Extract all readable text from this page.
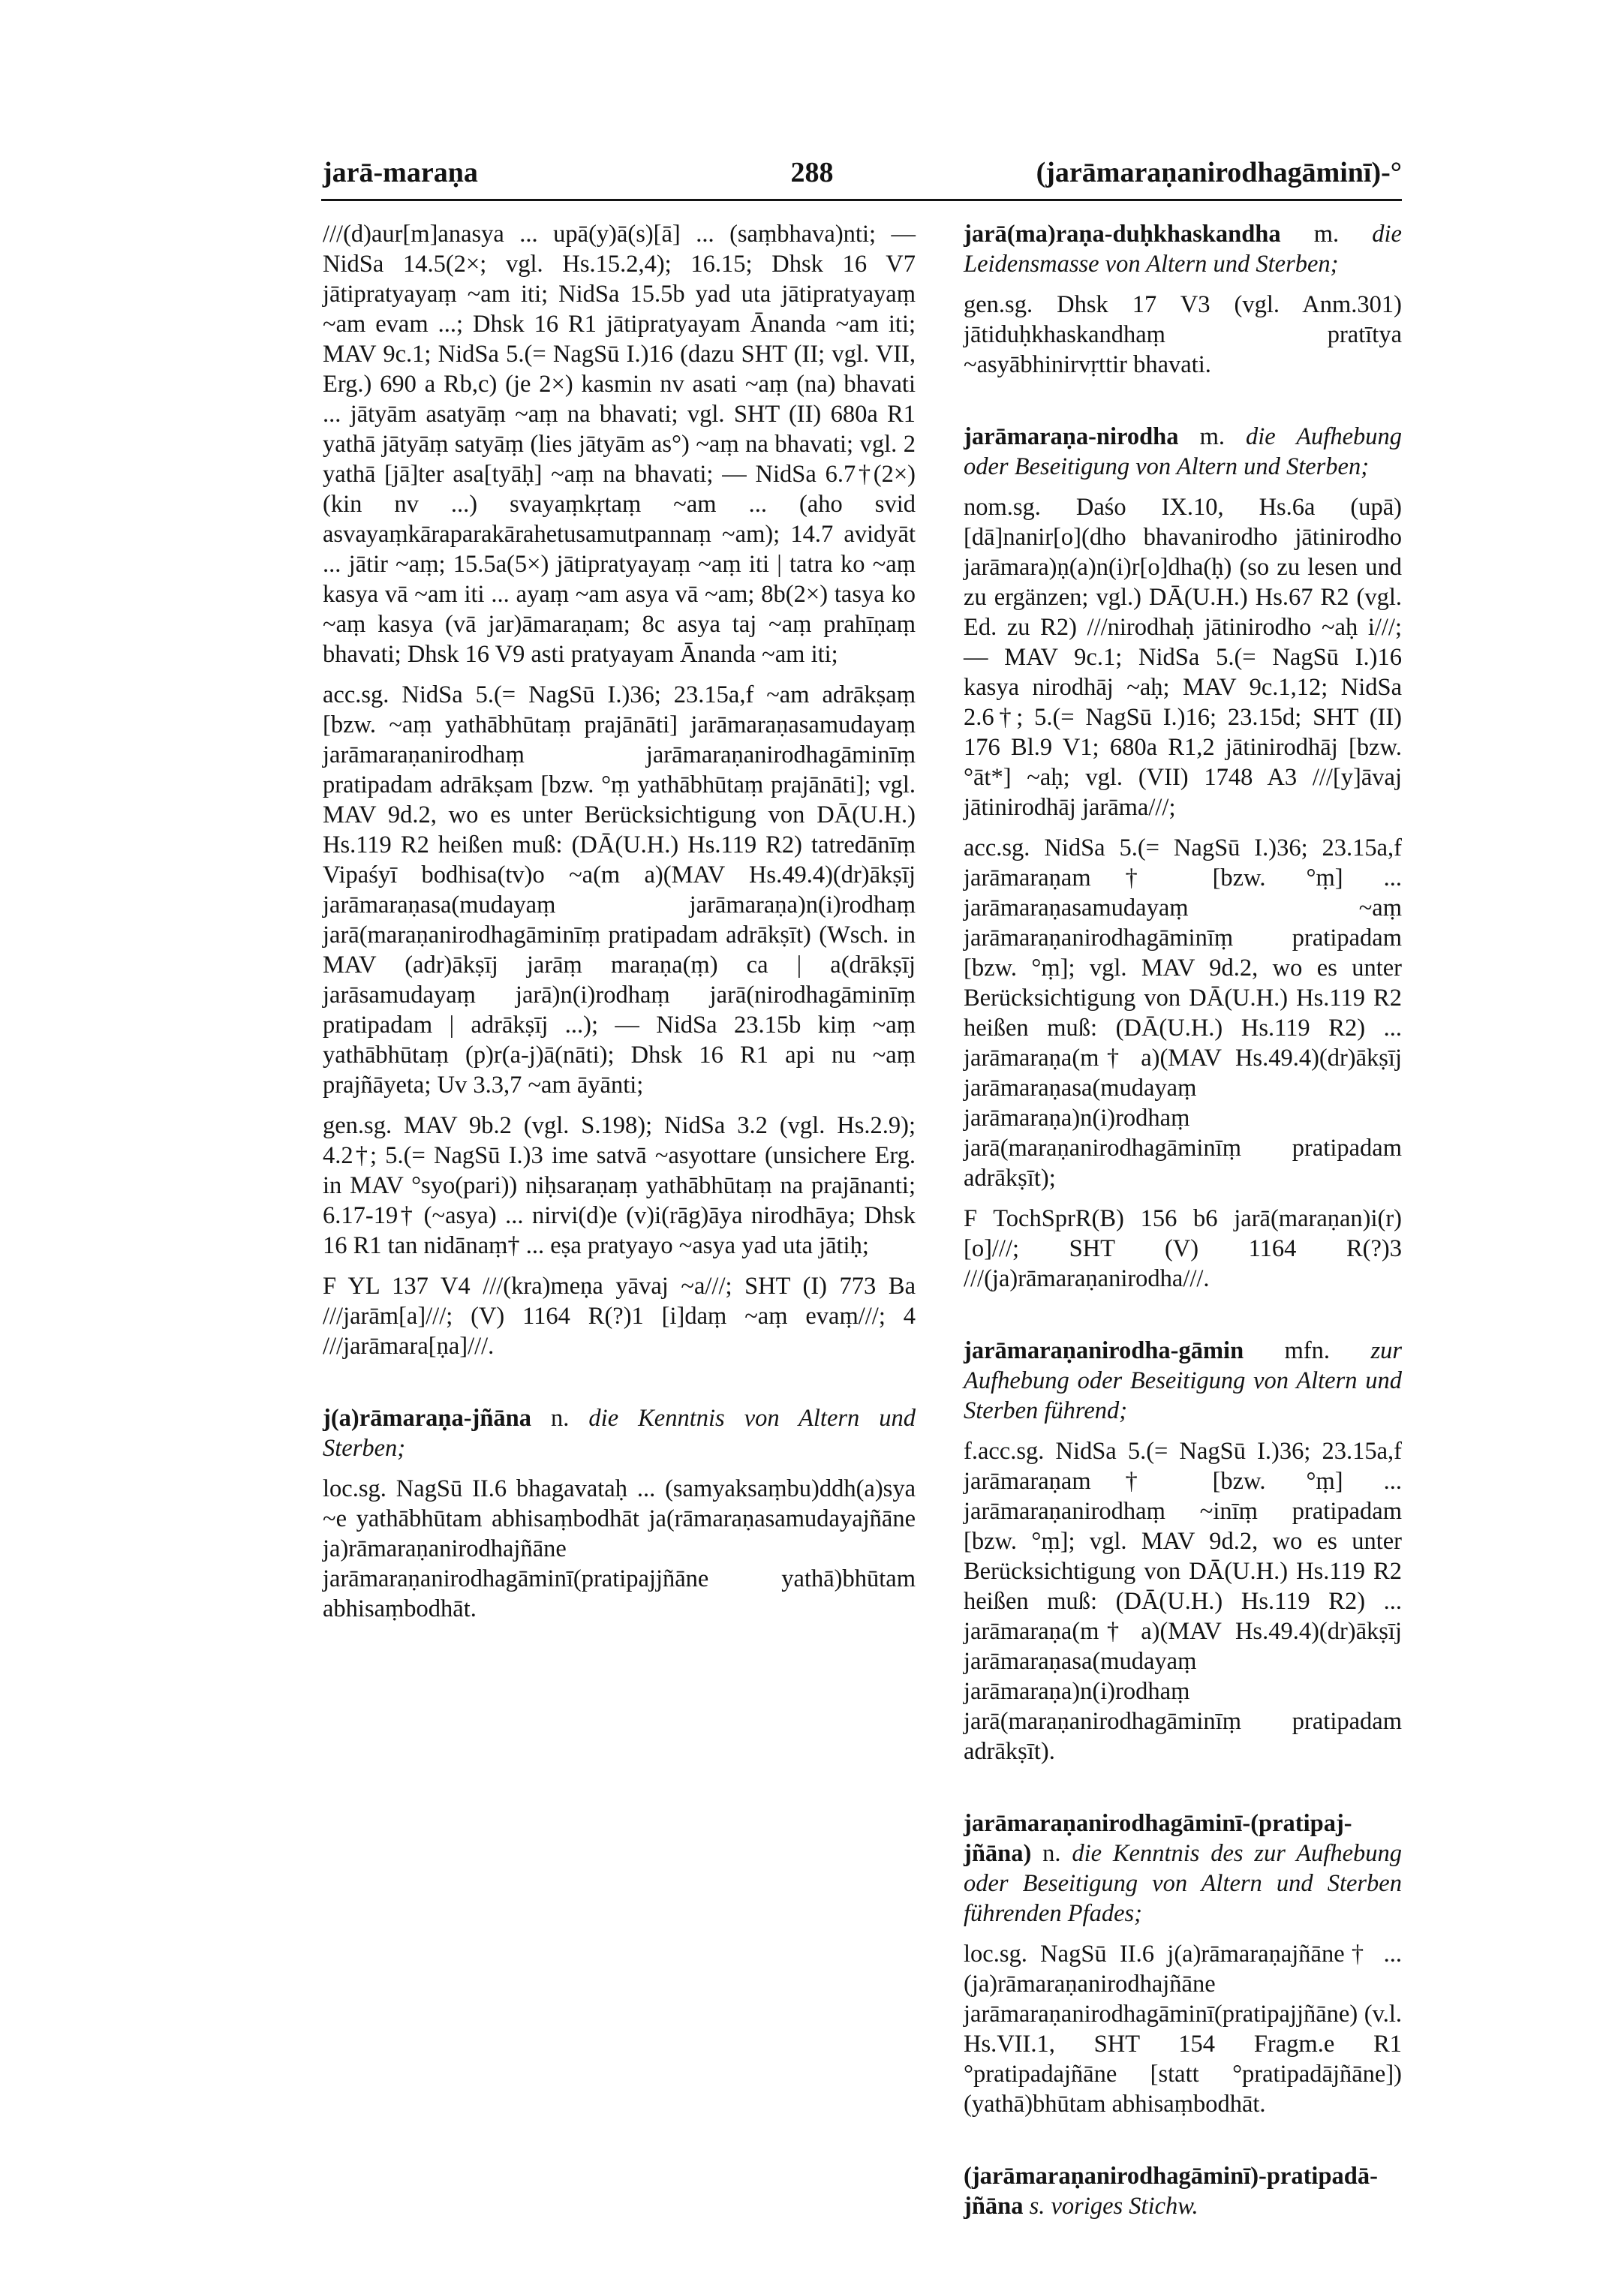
jarā-maraṇa	288	(jarāmaraṇanirodhagāminī)-°

///(d)aur[m]anasya ... upā(y)ā(s)[ā] ... (saṃbhava)nti; — NidSa 14.5(2×; vgl. Hs.15.2,4); 16.15; Dhsk 16 V7 jātipratyayaṃ ~am iti; NidSa 15.5b yad uta jātipratyayaṃ ~am evam ...; Dhsk 16 R1 jātipratyayam Ānanda ~am iti; MAV 9c.1; NidSa 5.(= NagSū I.)16 (dazu SHT (II; vgl. VII, Erg.) 690 a Rb,c) (je 2×) kasmin nv asati ~aṃ (na) bhavati ... jātyām asatyāṃ ~aṃ na bhavati; vgl. SHT (II) 680a R1 yathā jātyāṃ satyāṃ (lies jātyām as°) ~aṃ na bhavati; vgl. 2 yathā [jā]ter asa[tyāḥ] ~aṃ na bhavati; — NidSa 6.7†(2×) (kin nv ...) svayaṃkṛtaṃ ~am ... (aho svid asvayaṃkāraparakārahetusamutpannaṃ ~am); 14.7 avidyāt ... jātir ~aṃ; 15.5a(5×) jātipratyayaṃ ~aṃ iti | tatra ko ~aṃ kasya vā ~am iti ... ayaṃ ~am asya vā ~am; 8b(2×) tasya ko ~aṃ kasya (vā jar)āmaraṇam; 8c asya taj ~aṃ prahīṇaṃ bhavati; Dhsk 16 V9 asti pratyayam Ānanda ~am iti;

acc.sg. NidSa 5.(= NagSū I.)36; 23.15a,f ~am adrākṣaṃ [bzw. ~aṃ yathābhūtaṃ prajānāti] jarāmaraṇasamudayaṃ jarāmaraṇanirodhaṃ jarāmaraṇanirodhagāminīṃ pratipadam adrākṣam [bzw. °ṃ yathābhūtaṃ prajānāti]; vgl. MAV 9d.2, wo es unter Berücksichtigung von DĀ(U.H.) Hs.119 R2 heißen muß: (DĀ(U.H.) Hs.119 R2) tatredānīṃ Vipaśyī bodhisa(tv)o ~a(m a)(MAV Hs.49.4)(dr)ākṣīj jarāmaraṇasa(mudayaṃ jarāmaraṇa)n(i)rodhaṃ jarā(maraṇanirodhagāminīṃ pratipadam adrākṣīt) (Wsch. in MAV (adr)ākṣīj jarāṃ maraṇa(ṃ) ca | a(drākṣīj jarāsamudayaṃ jarā)n(i)rodhaṃ jarā(nirodhagāminīṃ pratipadam | adrākṣīj ...); — NidSa 23.15b kiṃ ~aṃ yathābhūtaṃ (p)r(a-j)ā(nāti); Dhsk 16 R1 api nu ~aṃ prajñāyeta; Uv 3.3,7 ~am āyānti;

gen.sg. MAV 9b.2 (vgl. S.198); NidSa 3.2 (vgl. Hs.2.9); 4.2†; 5.(= NagSū I.)3 ime satvā ~asyottare (unsichere Erg. in MAV °syo(pari)) niḥsaraṇaṃ yathābhūtaṃ na prajānanti; 6.17-19† (~asya) ... nirvi(d)e (v)i(rāg)āya nirodhāya; Dhsk 16 R1 tan nidānaṃ† ... eṣa pratyayo ~asya yad uta jātiḥ;

F YL 137 V4 ///(kra)meṇa yāvaj ~a///; SHT (I) 773 Ba ///jarām[a]///; (V) 1164 R(?)1 [i]daṃ ~aṃ evaṃ///; 4 ///jarāmara[ṇa]///.

j(a)rāmaraṇa-jñāna n. die Kenntnis von Altern und Sterben;

loc.sg. NagSū II.6 bhagavataḥ ... (samyaksaṃbu)ddh(a)sya ~e yathābhūtam abhisaṃbodhāt ja(rāmaraṇasamudayajñāne ja)rāmaraṇanirodhajñāne jarāmaraṇanirodhagāminī(pratipajjñāne yathā)bhūtam abhisaṃbodhāt.

jarā(ma)raṇa-duḥkhaskandha m. die Leidensmasse von Altern und Sterben;

gen.sg. Dhsk 17 V3 (vgl. Anm.301) jātiduḥkhaskandhaṃ pratītya ~asyābhinirvṛttir bhavati.

jarāmaraṇa-nirodha m. die Aufhebung oder Beseitigung von Altern und Sterben;

nom.sg. Daśo IX.10, Hs.6a (upā)[dā]nanir[o](dho bhavanirodho jātinirodho jarāmara)ṇ(a)n(i)r[o]dha(ḥ) (so zu lesen und zu ergänzen; vgl.) DĀ(U.H.) Hs.67 R2 (vgl. Ed. zu R2) ///nirodhaḥ jātinirodho ~aḥ i///; — MAV 9c.1; NidSa 5.(= NagSū I.)16 kasya nirodhāj ~aḥ; MAV 9c.1,12; NidSa 2.6†; 5.(= NagSū I.)16; 23.15d; SHT (II) 176 Bl.9 V1; 680a R1,2 jātinirodhāj [bzw. °āt*] ~aḥ; vgl. (VII) 1748 A3 ///[y]āvaj jātinirodhāj jarāma///;

acc.sg. NidSa 5.(= NagSū I.)36; 23.15a,f jarāmaraṇam† [bzw. °ṃ] ... jarāmaraṇasamudayaṃ ~aṃ jarāmaraṇanirodhagāminīṃ pratipadam [bzw. °ṃ]; vgl. MAV 9d.2, wo es unter Berücksichtigung von DĀ(U.H.) Hs.119 R2 heißen muß: (DĀ(U.H.) Hs.119 R2) ... jarāmaraṇa(m† a)(MAV Hs.49.4)(dr)ākṣīj jarāmaraṇasa(mudayaṃ jarāmaraṇa)n(i)rodhaṃ jarā(maraṇanirodhagāminīṃ pratipadam adrākṣīt);

F TochSprR(B) 156 b6 jarā(maraṇan)i(r)[o]///; SHT (V) 1164 R(?)3 ///(ja)rāmaraṇanirodha///.

jarāmaraṇanirodha-gāmin mfn. zur Aufhebung oder Beseitigung von Altern und Sterben führend;

f.acc.sg. NidSa 5.(= NagSū I.)36; 23.15a,f jarāmaraṇam† [bzw. °ṃ] ... jarāmaraṇanirodhaṃ ~inīṃ pratipadam [bzw. °ṃ]; vgl. MAV 9d.2, wo es unter Berücksichtigung von DĀ(U.H.) Hs.119 R2 heißen muß: (DĀ(U.H.) Hs.119 R2) ... jarāmaraṇa(m† a)(MAV Hs.49.4)(dr)ākṣīj jarāmaraṇasa(mudayaṃ jarāmaraṇa)n(i)rodhaṃ jarā(maraṇanirodhagāminīṃ pratipadam adrākṣīt).

jarāmaraṇanirodhagāminī-(pratipaj-jñāna) n. die Kenntnis des zur Aufhebung oder Beseitigung von Altern und Sterben führenden Pfades;

loc.sg. NagSū II.6 j(a)rāmaraṇajñāne† ... (ja)rāmaraṇanirodhajñāne jarāmaraṇanirodhagāminī(pratipajjñāne) (v.l. Hs.VII.1, SHT 154 Fragm.e R1 °pratipadajñāne [statt °pratipadājñāne]) (yathā)bhūtam abhisaṃbodhāt.

(jarāmaraṇanirodhagāminī)-pratipadā-jñāna s. voriges Stichw.
